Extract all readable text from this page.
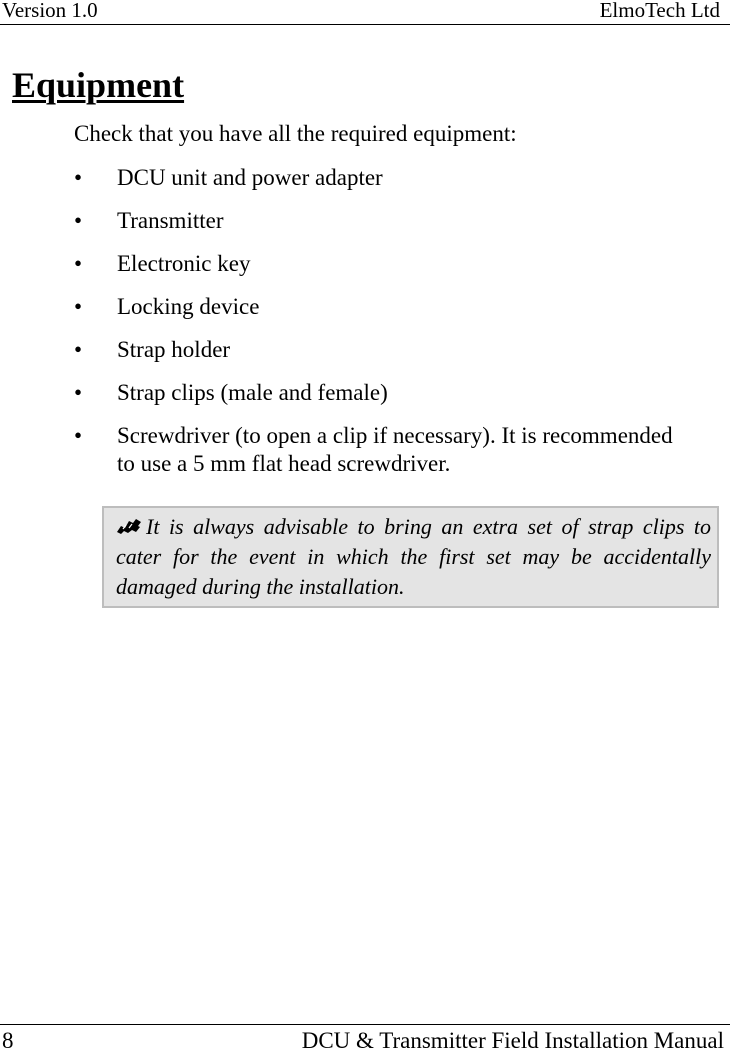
Version 1.0	ElmoTech Ltd
Equipment
Check that you have all the required equipment:
• DCU unit and power adapter
• Transmitter
• Electronic key
• Locking device
• Strap holder
• Strap clips (male and female)
• Screwdriver (to open a clip if necessary). It is recommended to use a 5 mm flat head screwdriver.
It is always advisable to bring an extra set of strap clips to cater for the event in which the first set may be accidentally damaged during the installation.
8	DCU & Transmitter Field Installation Manual
